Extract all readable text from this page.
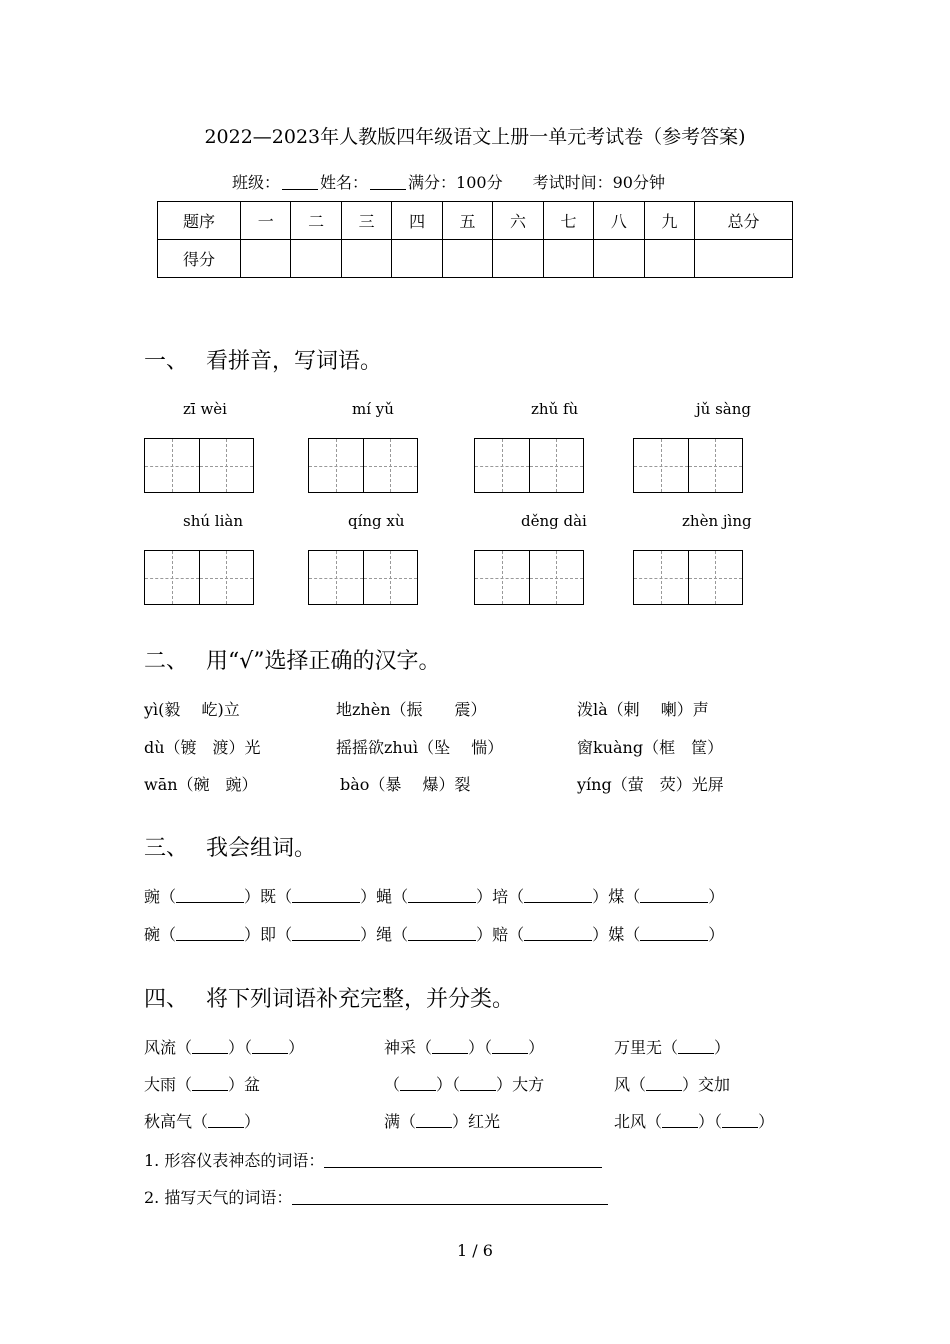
2022—2023年人教版四年级语文上册一单元考试卷（参考答案)
班级：	姓名：	满分：100分 考试时间：90分钟
题序	一	二	三	四	五	六	七	八	九	总分
得分										
一、 看拼音，写词语。
zī wèi	mí yǔ	zhǔ fù	jǔ sàng
shú liàn	qíng xù	děng dài	zhèn jìng
二、 用“√”选择正确的汉字。
yì(毅　 屹)立	地zhèn（振　　震）	泼là（剌　 喇）声
dù（镀　渡）光	摇摇欲zhuì（坠　 惴）	窗kuàng（框　筐）
wān（碗　豌）	bào（暴　 爆）裂	yíng（萤　荧）光屏
三、 我会组词。
豌（	）既（	）蝇（	）培（	）煤（	）
碗（	）即（	）绳（	）赔（	）媒（	）
四、 将下列词语补充完整，并分类。
风流（ ）（ ）	神采（ ）（ ）	万里无（ ）
大雨（ ）盆	（ ）（ ）大方	风（ ）交加
秋高气（ ）	满（ ）红光	北风（ ）（ ）
1. 形容仪表神态的词语：
2. 描写天气的词语：
1 / 6
